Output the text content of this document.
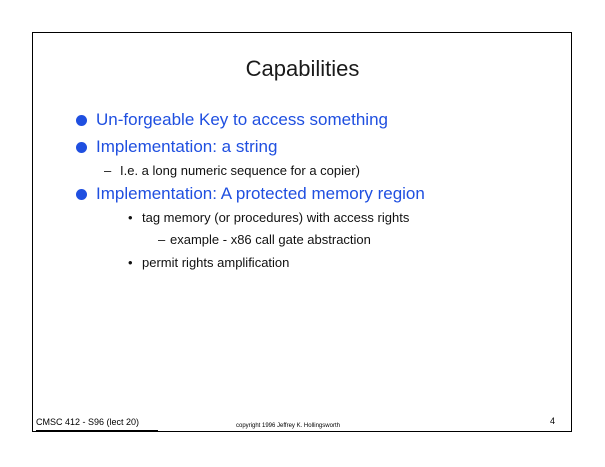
Capabilities
Un-forgeable Key to access something
Implementation: a string
– I.e. a long numeric sequence for a copier)
Implementation: A protected memory region
• tag memory (or procedures) with access rights
– example - x86 call gate abstraction
• permit rights amplification
CMSC 412 - S96 (lect 20)	copyright 1996 Jeffrey K. Hollingsworth	4
